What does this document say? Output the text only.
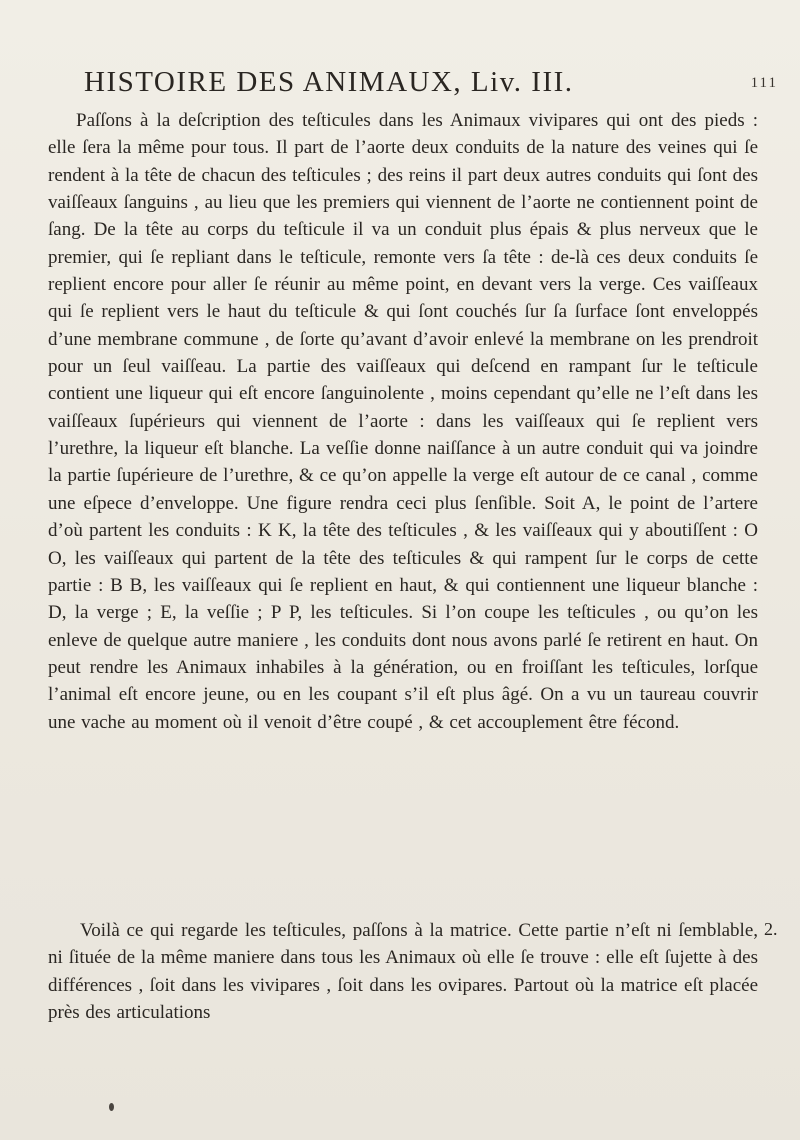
HISTOIRE DES ANIMAUX, Liv. III.	111

Paſſons à la deſcription des teſticules dans les Animaux vivipares qui ont des pieds : elle ſera la même pour tous. Il part de l’aorte deux conduits de la nature des veines qui ſe rendent à la tête de chacun des teſticules ; des reins il part deux autres conduits qui ſont des vaiſſeaux ſanguins , au lieu que les premiers qui viennent de l’aorte ne contiennent point de ſang. De la tête au corps du teſticule il va un conduit plus épais & plus nerveux que le premier, qui ſe repliant dans le teſticule, remonte vers ſa tête : de-là ces deux conduits ſe replient encore pour aller ſe réunir au même point, en devant vers la verge. Ces vaiſſeaux qui ſe replient vers le haut du teſticule & qui ſont couchés ſur ſa ſurface ſont enveloppés d’une membrane commune , de ſorte qu’avant d’avoir enlevé la membrane on les prendroit pour un ſeul vaiſſeau. La partie des vaiſſeaux qui deſcend en rampant ſur le teſticule contient une liqueur qui eſt encore ſanguinolente , moins cependant qu’elle ne l’eſt dans les vaiſſeaux ſupérieurs qui viennent de l’aorte : dans les vaiſſeaux qui ſe replient vers l’urethre, la liqueur eſt blanche. La veſſie donne naiſſance à un autre conduit qui va joindre la partie ſupérieure de l’urethre, & ce qu’on appelle la verge eſt autour de ce canal , comme une eſpece d’enveloppe. Une figure rendra ceci plus ſenſible. Soit A, le point de l’artere d’où partent les conduits : K K, la tête des teſticules , & les vaiſſeaux qui y aboutiſſent : O O, les vaiſſeaux qui partent de la tête des teſticules & qui rampent ſur le corps de cette partie : B B, les vaiſſeaux qui ſe replient en haut, & qui contiennent une liqueur blanche : D, la verge ; E, la veſſie ; P P, les teſticules. Si l’on coupe les teſticules , ou qu’on les enleve de quelque autre maniere , les conduits dont nous avons parlé ſe retirent en haut. On peut rendre les Animaux inhabiles à la génération, ou en froiſſant les teſticules, lorſque l’animal eſt encore jeune, ou en les coupant s’il eſt plus âgé. On a vu un taureau couvrir une vache au moment où il venoit d’être coupé , & cet accouplement être fécond.

Voilà ce qui regarde les teſticules, paſſons à la matrice. Cette partie n’eſt ni ſemblable, ni ſituée de la même maniere dans tous les Animaux où elle ſe trouve : elle eſt ſujette à des différences , ſoit dans les vivipares , ſoit dans les ovipares. Partout où la matrice eſt placée près des articulations

2.
